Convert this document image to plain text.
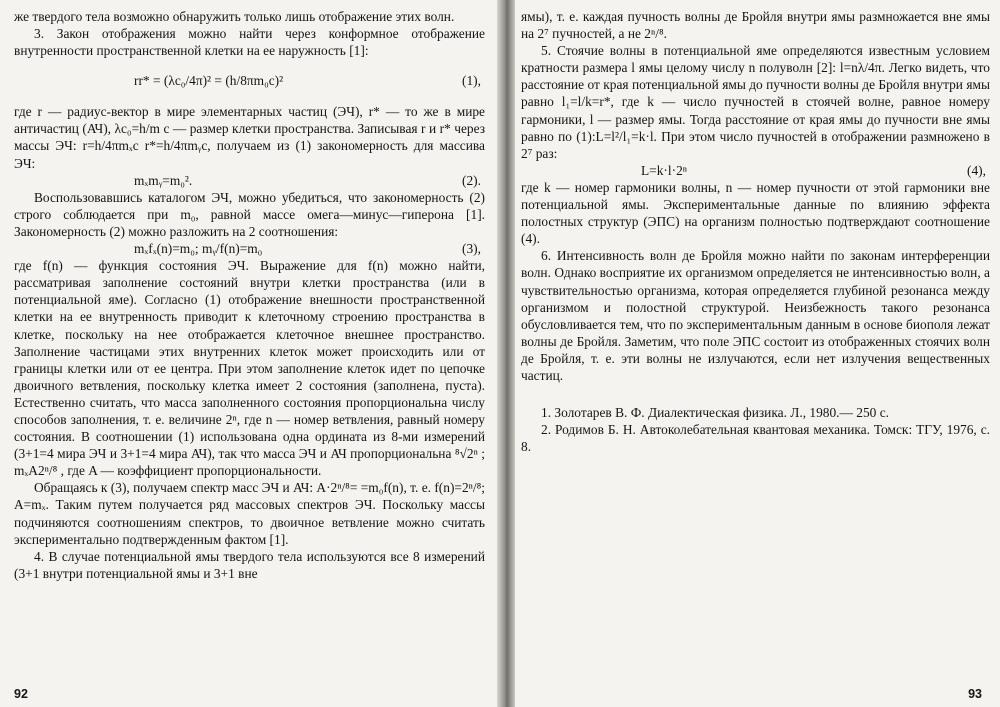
же твердого тела возможно обнаружить только лишь отображение этих волн.

3. Закон отображения можно найти через конформное отображение внутренности пространственной клетки на ее наружность [1]:

rr* = (λc₀/4π)² = (h/8πm₀c)²	(1),

где r — радиус-вектор в мире элементарных частиц (ЭЧ), r* — то же в мире античастиц (АЧ), λc₀=h/m c — размер клетки пространства. Записывая r и r* через массы ЭЧ: r=h/4πmₓc r*=h/4πmᵧc, получаем из (1) закономерность для массива ЭЧ:

mₓmᵧ=m₀².	(2).

Воспользовавшись каталогом ЭЧ, можно убедиться, что закономерность (2) строго соблюдается при m₀, равной массе омега—минус—гиперона [1]. Закономерность (2) можно разложить на 2 соотношения:

mₓfₓ(n)=m₀; mᵧ/f(n)=m₀	(3),

где f(n) — функция состояния ЭЧ. Выражение для f(n) можно найти, рассматривая заполнение состояний внутри клетки пространства (или в потенциальной яме). Согласно (1) отображение внешности пространственной клетки на ее внутренность приводит к клеточному строению пространства в клетке, поскольку на нее отображается клеточное внешнее пространство. Заполнение частицами этих внутренних клеток может происходить или от границы клетки или от ее центра. При этом заполнение клеток идет по цепочке двоичного ветвления, поскольку клетка имеет 2 состояния (заполнена, пуста). Естественно считать, что масса заполненного состояния пропорциональна числу способов заполнения, т. е. величине 2ⁿ, где n — номер ветвления, равный номеру состояния. В соотношении (1) использована одна ордината из 8-ми измерений (3+1=4 мира ЭЧ и 3+1=4 мира АЧ), так что масса ЭЧ и АЧ пропорциональна ⁸√2ⁿ ; mₓA2ⁿ/⁸ , где A — коэффициент пропорциональности.

Обращаясь к (3), получаем спектр масс ЭЧ и АЧ: A·2ⁿ/⁸= =m₀f(n), т. е. f(n)=2ⁿ/⁸; A=mₓ. Таким путем получается ряд массовых спектров ЭЧ. Поскольку массы подчиняются соотношениям спектров, то двоичное ветвление можно считать экспериментально подтвержденным фактом [1].

4. В случае потенциальной ямы твердого тела используются все 8 измерений (3+1 внутри потенциальной ямы и 3+1 вне

92

ямы), т. е. каждая пучность волны де Бройля внутри ямы размножается вне ямы на 2⁷ пучностей, а не 2ⁿ/⁸.

5. Стоячие волны в потенциальной яме определяются известным условием кратности размера l ямы целому числу n полуволн [2]: l=nλ/4π. Легко видеть, что расстояние от края потенциальной ямы до пучности волны де Бройля внутри ямы равно l₁=l/k=r*, где k — число пучностей в стоячей волне, равное номеру гармоники, l — размер ямы. Тогда расстояние от края ямы до пучности вне ямы равно по (1):L=l²/l₁=k·l. При этом число пучностей в отображении размножено в 2⁷ раз:

L=k·l·2ⁿ	(4),

где k — номер гармоники волны, n — номер пучности от этой гармоники вне потенциальной ямы. Экспериментальные данные по влиянию эффекта полостных структур (ЭПС) на организм полностью подтверждают соотношение (4).

6. Интенсивность волн де Бройля можно найти по законам интерференции волн. Однако восприятие их организмом определяется не интенсивностью волн, а чувствительностью организма, которая определяется глубиной резонанса между организмом и полостной структурой. Неизбежность такого резонанса обусловливается тем, что по экспериментальным данным в основе биополя лежат волны де Бройля. Заметим, что поле ЭПС состоит из отображенных стоячих волн де Бройля, т. е. эти волны не излучаются, если нет излучения вещественных частиц.

1. Золотарев В. Ф. Диалектическая физика. Л., 1980.— 250 с.

2. Родимов Б. Н. Автоколебательная квантовая механика. Томск: ТГУ, 1976, с. 8.

93
